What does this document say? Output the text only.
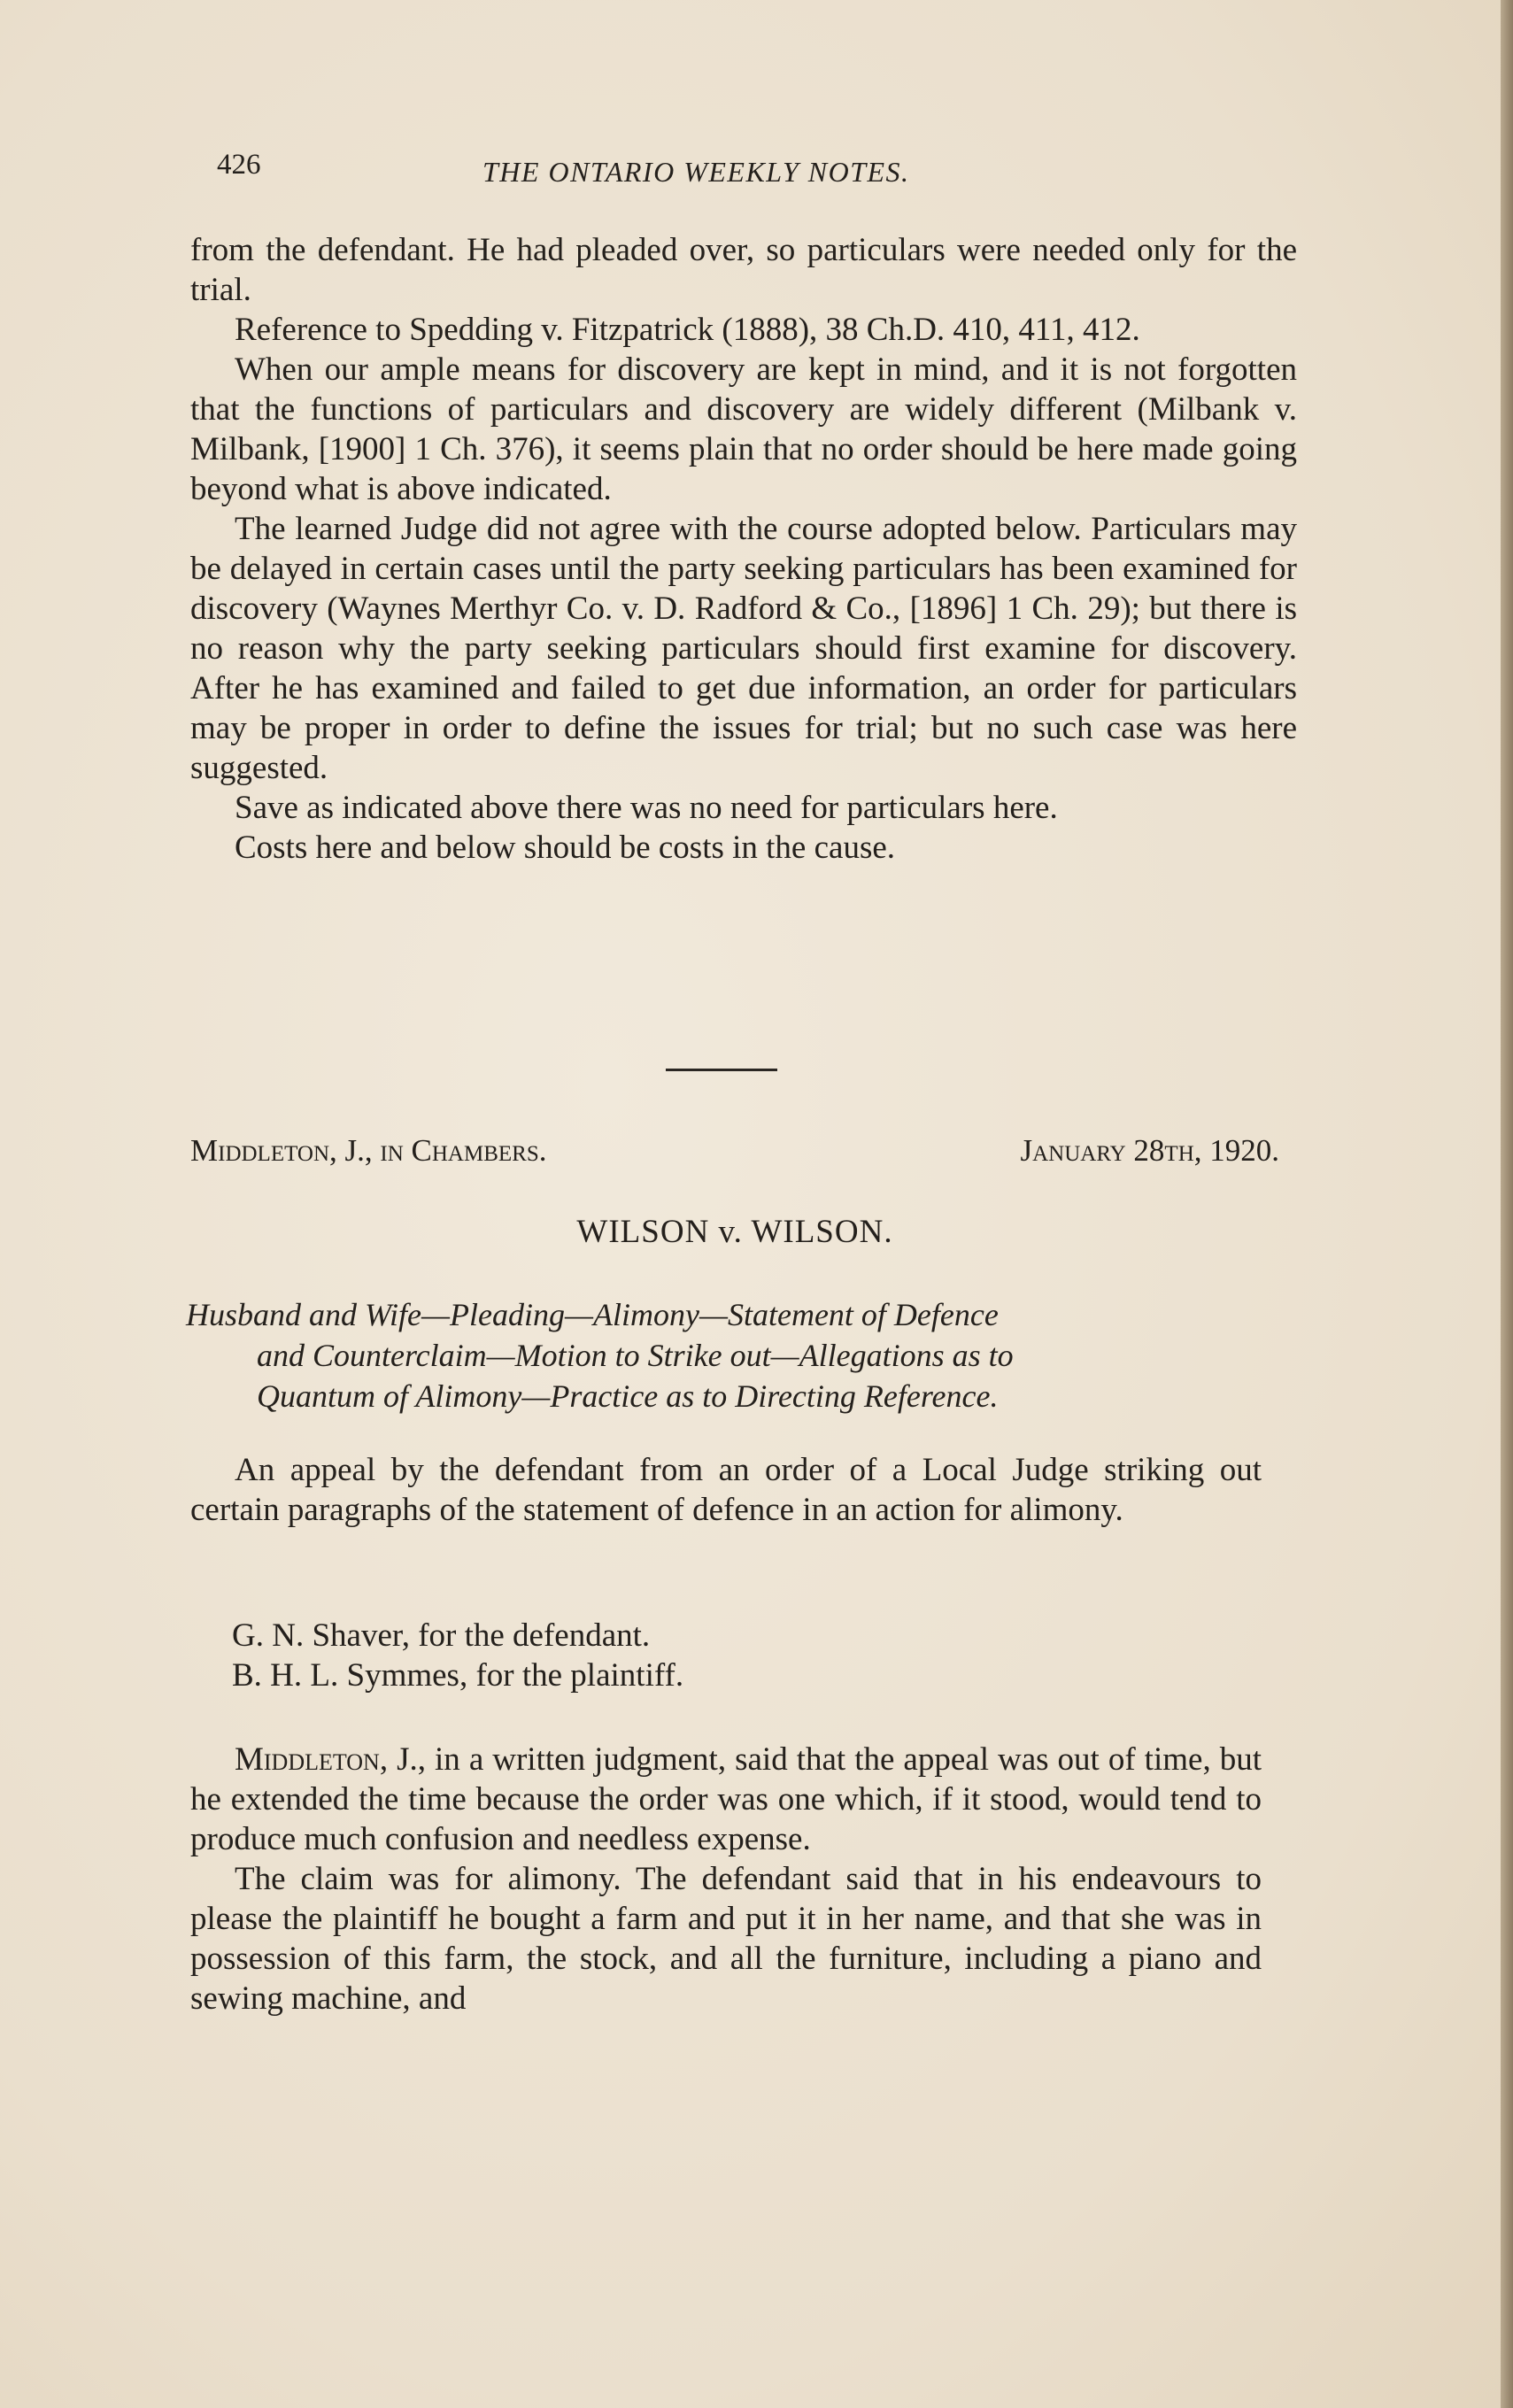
426	THE ONTARIO WEEKLY NOTES.

from the defendant. He had pleaded over, so particulars were needed only for the trial.

Reference to Spedding v. Fitzpatrick (1888), 38 Ch.D. 410, 411, 412.

When our ample means for discovery are kept in mind, and it is not forgotten that the functions of particulars and discovery are widely different (Milbank v. Milbank, [1900] 1 Ch. 376), it seems plain that no order should be here made going beyond what is above indicated.

The learned Judge did not agree with the course adopted below. Particulars may be delayed in certain cases until the party seeking particulars has been examined for discovery (Waynes Merthyr Co. v. D. Radford & Co., [1896] 1 Ch. 29); but there is no reason why the party seeking particulars should first examine for discovery. After he has examined and failed to get due information, an order for particulars may be proper in order to define the issues for trial; but no such case was here suggested.

Save as indicated above there was no need for particulars here.

Costs here and below should be costs in the cause.

Middleton, J., in Chambers.	January 28th, 1920.
WILSON v. WILSON.
Husband and Wife—Pleading—Alimony—Statement of Defence
and Counterclaim—Motion to Strike out—Allegations as to
Quantum of Alimony—Practice as to Directing Reference.

An appeal by the defendant from an order of a Local Judge striking out certain paragraphs of the statement of defence in an action for alimony.

G. N. Shaver, for the defendant.
B. H. L. Symmes, for the plaintiff.

Middleton, J., in a written judgment, said that the appeal was out of time, but he extended the time because the order was one which, if it stood, would tend to produce much confusion and needless expense.

The claim was for alimony. The defendant said that in his endeavours to please the plaintiff he bought a farm and put it in her name, and that she was in possession of this farm, the stock, and all the furniture, including a piano and sewing machine, and
